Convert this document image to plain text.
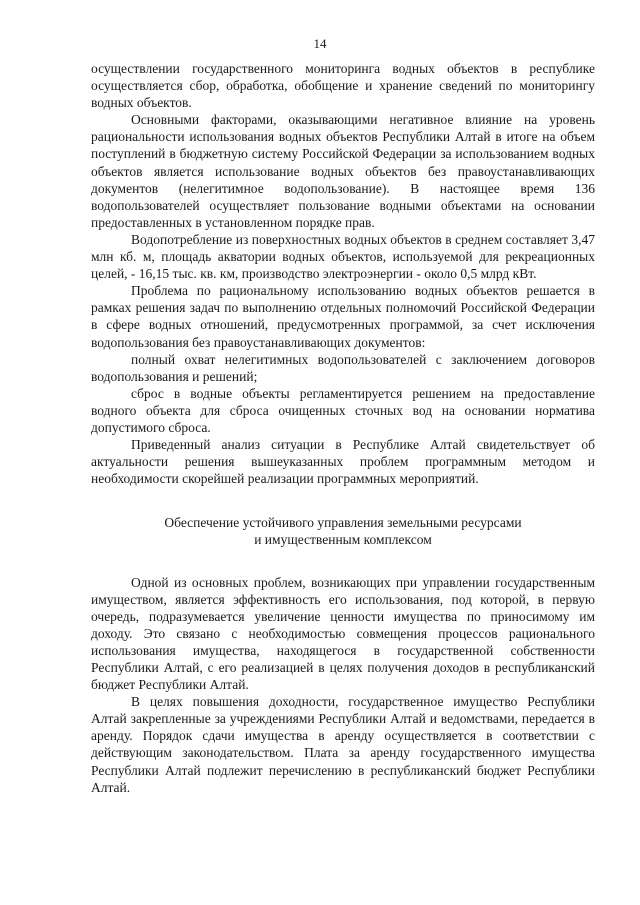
14

осуществлении государственного мониторинга водных объектов в республике осуществляется сбор, обработка, обобщение и хранение сведений по мониторингу водных объектов.

Основными факторами, оказывающими негативное влияние на уровень рациональности использования водных объектов Республики Алтай в итоге на объем поступлений в бюджетную систему Российской Федерации за использованием водных объектов является использование водных объектов без правоустанавливающих документов (нелегитимное водопользование). В настоящее время 136 водопользователей осуществляет пользование водными объектами на основании предоставленных в установленном порядке прав.

Водопотребление из поверхностных водных объектов в среднем составляет 3,47 млн кб. м, площадь акватории водных объектов, используемой для рекреационных целей, - 16,15 тыс. кв. км, производство электроэнергии - около 0,5 млрд кВт.

Проблема по рациональному использованию водных объектов решается в рамках решения задач по выполнению отдельных полномочий Российской Федерации в сфере водных отношений, предусмотренных программой, за счет исключения водопользования без правоустанавливающих документов:

полный охват нелегитимных водопользователей с заключением договоров водопользования и решений;

сброс в водные объекты регламентируется решением на предоставление водного объекта для сброса очищенных сточных вод на основании норматива допустимого сброса.

Приведенный анализ ситуации в Республике Алтай свидетельствует об актуальности решения вышеуказанных проблем программным методом и необходимости скорейшей реализации программных мероприятий.

Обеспечение устойчивого управления земельными ресурсами
и имущественным комплексом

Одной из основных проблем, возникающих при управлении государственным имуществом, является эффективность его использования, под которой, в первую очередь, подразумевается увеличение ценности имущества по приносимому им доходу. Это связано с необходимостью совмещения процессов рационального использования имущества, находящегося в государственной собственности Республики Алтай, с его реализацией в целях получения доходов в республиканский бюджет Республики Алтай.

В целях повышения доходности, государственное имущество Республики Алтай закрепленные за учреждениями Республики Алтай и ведомствами, передается в аренду. Порядок сдачи имущества в аренду осуществляется в соответствии с действующим законодательством. Плата за аренду государственного имущества Республики Алтай подлежит перечислению в республиканский бюджет Республики Алтай.
